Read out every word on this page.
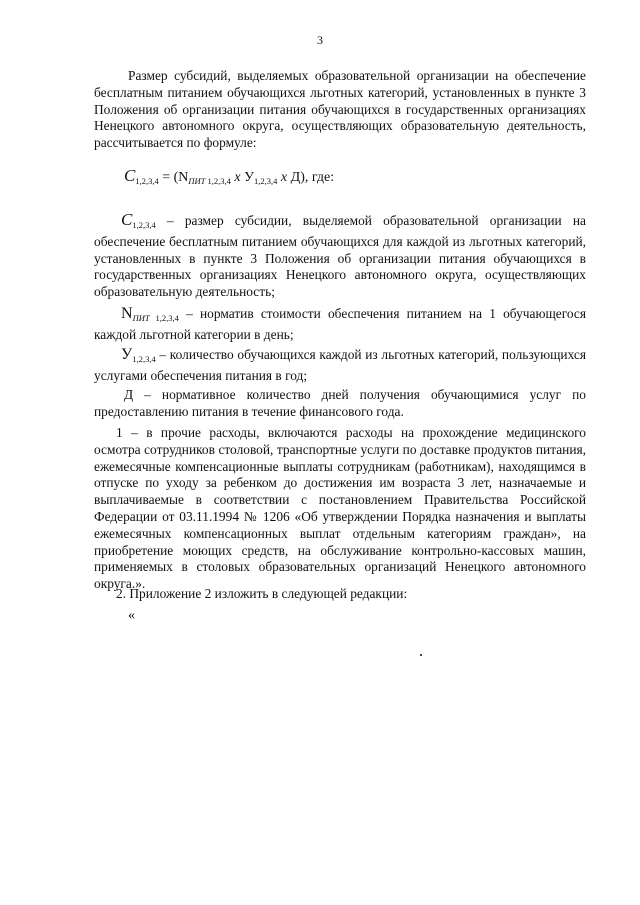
3

Размер субсидий, выделяемых образовательной организации на обеспечение бесплатным питанием обучающихся льготных категорий, установленных в пункте 3 Положения об организации питания обучающихся в государственных организациях Ненецкого автономного округа, осуществляющих образовательную деятельность, рассчитывается по формуле:

$С_{1,2,3,4} = (N_{ПИТ 1,2,3,4}$ х $У_{1,2,3,4}$ х Д), где:

$С_{1,2,3,4}$ – размер субсидии, выделяемой образовательной организации на обеспечение бесплатным питанием обучающихся для каждой из льготных категорий, установленных в пункте 3 Положения об организации питания обучающихся в государственных организациях Ненецкого автономного округа, осуществляющих образовательную деятельность;

$N_{ПИТ 1,2,3,4}$ – норматив стоимости обеспечения питанием на 1 обучающегося каждой льготной категории в день;

$У_{1,2,3,4}$ – количество обучающихся каждой из льготных категорий, пользующихся услугами обеспечения питания в год;

Д – нормативное количество дней получения обучающимися услуг по предоставлению питания в течение финансового года.

1 – в прочие расходы, включаются расходы на прохождение медицинского осмотра сотрудников столовой, транспортные услуги по доставке продуктов питания, ежемесячные компенсационные выплаты сотрудникам (работникам), находящимся в отпуске по уходу за ребенком до достижения им возраста 3 лет, назначаемые и выплачиваемые в соответствии с постановлением Правительства Российской Федерации от 03.11.1994 № 1206 «Об утверждении Порядка назначения и выплаты ежемесячных компенсационных выплат отдельным категориям граждан», на приобретение моющих средств, на обслуживание контрольно-кассовых машин, применяемых в столовых образовательных организаций Ненецкого автономного округа.».

2. Приложение 2 изложить в следующей редакции:

«
